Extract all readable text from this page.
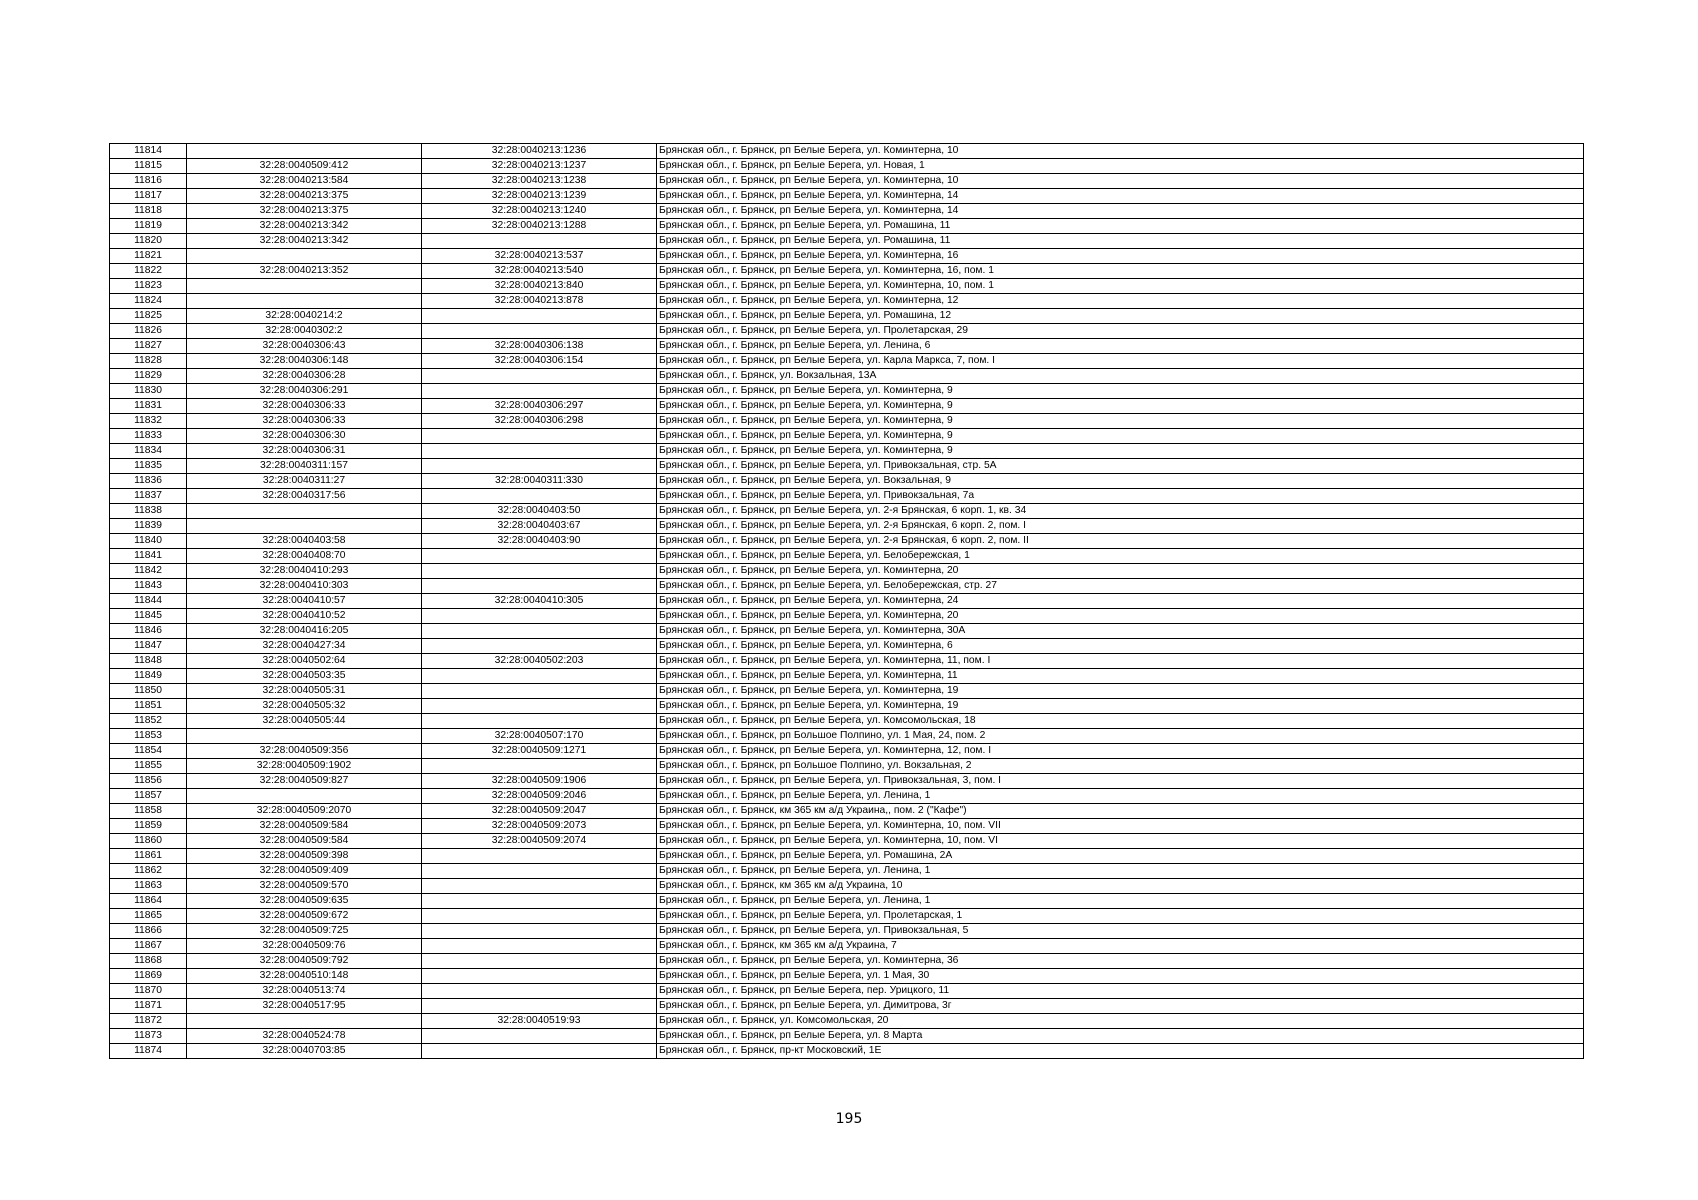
11814		32:28:0040213:1236	Брянская обл., г. Брянск, рп Белые Берега, ул. Коминтерна, 10
11815	32:28:0040509:412	32:28:0040213:1237	Брянская обл., г. Брянск, рп Белые Берега, ул. Новая, 1
11816	32:28:0040213:584	32:28:0040213:1238	Брянская обл., г. Брянск, рп Белые Берега, ул. Коминтерна, 10
11817	32:28:0040213:375	32:28:0040213:1239	Брянская обл., г. Брянск, рп Белые Берега, ул. Коминтерна, 14
11818	32:28:0040213:375	32:28:0040213:1240	Брянская обл., г. Брянск, рп Белые Берега, ул. Коминтерна, 14
11819	32:28:0040213:342	32:28:0040213:1288	Брянская обл., г. Брянск, рп Белые Берега, ул. Ромашина, 11
11820	32:28:0040213:342		Брянская обл., г. Брянск, рп Белые Берега, ул. Ромашина, 11
11821		32:28:0040213:537	Брянская обл., г. Брянск, рп Белые Берега, ул. Коминтерна, 16
11822	32:28:0040213:352	32:28:0040213:540	Брянская обл., г. Брянск, рп Белые Берега, ул. Коминтерна, 16, пом. 1
11823		32:28:0040213:840	Брянская обл., г. Брянск, рп Белые Берега, ул. Коминтерна, 10, пом. 1
11824		32:28:0040213:878	Брянская обл., г. Брянск, рп Белые Берега, ул. Коминтерна, 12
11825	32:28:0040214:2		Брянская обл., г. Брянск, рп Белые Берега, ул. Ромашина, 12
11826	32:28:0040302:2		Брянская обл., г. Брянск, рп Белые Берега, ул. Пролетарская, 29
11827	32:28:0040306:43	32:28:0040306:138	Брянская обл., г. Брянск, рп Белые Берега, ул. Ленина, 6
11828	32:28:0040306:148	32:28:0040306:154	Брянская обл., г. Брянск, рп Белые Берега, ул. Карла Маркса, 7, пом. I
11829	32:28:0040306:28		Брянская обл., г. Брянск, ул. Вокзальная, 13А
11830	32:28:0040306:291		Брянская обл., г. Брянск, рп Белые Берега, ул. Коминтерна, 9
11831	32:28:0040306:33	32:28:0040306:297	Брянская обл., г. Брянск, рп Белые Берега, ул. Коминтерна, 9
11832	32:28:0040306:33	32:28:0040306:298	Брянская обл., г. Брянск, рп Белые Берега, ул. Коминтерна, 9
11833	32:28:0040306:30		Брянская обл., г. Брянск, рп Белые Берега, ул. Коминтерна, 9
11834	32:28:0040306:31		Брянская обл., г. Брянск, рп Белые Берега, ул. Коминтерна, 9
11835	32:28:0040311:157		Брянская обл., г. Брянск, рп Белые Берега, ул. Привокзальная, стр. 5А
11836	32:28:0040311:27	32:28:0040311:330	Брянская обл., г. Брянск, рп Белые Берега, ул. Вокзальная, 9
11837	32:28:0040317:56		Брянская обл., г. Брянск, рп Белые Берега, ул. Привокзальная, 7а
11838		32:28:0040403:50	Брянская обл., г. Брянск, рп Белые Берега, ул. 2-я Брянская, 6 корп. 1, кв. 34
11839		32:28:0040403:67	Брянская обл., г. Брянск, рп Белые Берега, ул. 2-я Брянская, 6 корп. 2, пом. I
11840	32:28:0040403:58	32:28:0040403:90	Брянская обл., г. Брянск, рп Белые Берега, ул. 2-я Брянская, 6 корп. 2, пом. II
11841	32:28:0040408:70		Брянская обл., г. Брянск, рп Белые Берега, ул. Белобережская, 1
11842	32:28:0040410:293		Брянская обл., г. Брянск, рп Белые Берега, ул. Коминтерна, 20
11843	32:28:0040410:303		Брянская обл., г. Брянск, рп Белые Берега, ул. Белобережская, стр. 27
11844	32:28:0040410:57	32:28:0040410:305	Брянская обл., г. Брянск, рп Белые Берега, ул. Коминтерна, 24
11845	32:28:0040410:52		Брянская обл., г. Брянск, рп Белые Берега, ул. Коминтерна, 20
11846	32:28:0040416:205		Брянская обл., г. Брянск, рп Белые Берега, ул. Коминтерна, 30А
11847	32:28:0040427:34		Брянская обл., г. Брянск, рп Белые Берега, ул. Коминтерна, 6
11848	32:28:0040502:64	32:28:0040502:203	Брянская обл., г. Брянск, рп Белые Берега, ул. Коминтерна, 11, пом. I
11849	32:28:0040503:35		Брянская обл., г. Брянск, рп Белые Берега, ул. Коминтерна, 11
11850	32:28:0040505:31		Брянская обл., г. Брянск, рп Белые Берега, ул. Коминтерна, 19
11851	32:28:0040505:32		Брянская обл., г. Брянск, рп Белые Берега, ул. Коминтерна, 19
11852	32:28:0040505:44		Брянская обл., г. Брянск, рп Белые Берега, ул. Комсомольская, 18
11853		32:28:0040507:170	Брянская обл., г. Брянск, рп Большое Полпино, ул. 1 Мая, 24, пом. 2
11854	32:28:0040509:356	32:28:0040509:1271	Брянская обл., г. Брянск, рп Белые Берега, ул. Коминтерна, 12, пом. I
11855	32:28:0040509:1902		Брянская обл., г. Брянск, рп Большое Полпино, ул. Вокзальная, 2
11856	32:28:0040509:827	32:28:0040509:1906	Брянская обл., г. Брянск, рп Белые Берега, ул. Привокзальная, 3, пом. I
11857		32:28:0040509:2046	Брянская обл., г. Брянск, рп Белые Берега, ул. Ленина, 1
11858	32:28:0040509:2070	32:28:0040509:2047	Брянская обл., г. Брянск, км 365 км а/д Украина,, пом. 2 ("Кафе")
11859	32:28:0040509:584	32:28:0040509:2073	Брянская обл., г. Брянск, рп Белые Берега, ул. Коминтерна, 10, пом. VII
11860	32:28:0040509:584	32:28:0040509:2074	Брянская обл., г. Брянск, рп Белые Берега, ул. Коминтерна, 10, пом. VI
11861	32:28:0040509:398		Брянская обл., г. Брянск, рп Белые Берега, ул. Ромашина, 2А
11862	32:28:0040509:409		Брянская обл., г. Брянск, рп Белые Берега, ул. Ленина, 1
11863	32:28:0040509:570		Брянская обл., г. Брянск, км 365 км а/д Украина, 10
11864	32:28:0040509:635		Брянская обл., г. Брянск, рп Белые Берега, ул. Ленина, 1
11865	32:28:0040509:672		Брянская обл., г. Брянск, рп Белые Берега, ул. Пролетарская, 1
11866	32:28:0040509:725		Брянская обл., г. Брянск, рп Белые Берега, ул. Привокзальная, 5
11867	32:28:0040509:76		Брянская обл., г. Брянск, км 365 км а/д Украина, 7
11868	32:28:0040509:792		Брянская обл., г. Брянск, рп Белые Берега, ул. Коминтерна, 36
11869	32:28:0040510:148		Брянская обл., г. Брянск, рп Белые Берега, ул. 1 Мая, 30
11870	32:28:0040513:74		Брянская обл., г. Брянск, рп Белые Берега, пер. Урицкого, 11
11871	32:28:0040517:95		Брянская обл., г. Брянск, рп Белые Берега, ул. Димитрова, 3г
11872		32:28:0040519:93	Брянская обл., г. Брянск, ул. Комсомольская, 20
11873	32:28:0040524:78		Брянская обл., г. Брянск, рп Белые Берега, ул. 8 Марта
11874	32:28:0040703:85		Брянская обл., г. Брянск, пр-кт Московский, 1Е
195
